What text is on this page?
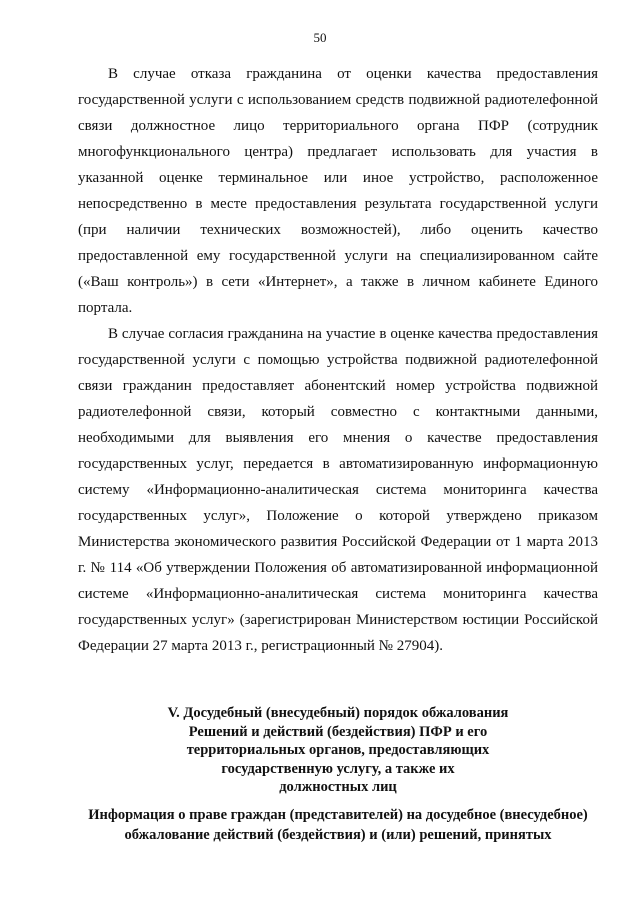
50

В случае отказа гражданина от оценки качества предоставления государственной услуги с использованием средств подвижной радиотелефонной связи должностное лицо территориального органа ПФР (сотрудник многофункционального центра) предлагает использовать для участия в указанной оценке терминальное или иное устройство, расположенное непосредственно в месте предоставления результата государственной услуги (при наличии технических возможностей), либо оценить качество предоставленной ему государственной услуги на специализированном сайте («Ваш контроль») в сети «Интернет», а также в личном кабинете Единого портала.

В случае согласия гражданина на участие в оценке качества предоставления государственной услуги с помощью устройства подвижной радиотелефонной связи гражданин предоставляет абонентский номер устройства подвижной радиотелефонной связи, который совместно с контактными данными, необходимыми для выявления его мнения о качестве предоставления государственных услуг, передается в автоматизированную информационную систему «Информационно-аналитическая система мониторинга качества государственных услуг», Положение о которой утверждено приказом Министерства экономического развития Российской Федерации от 1 марта 2013 г. № 114 «Об утверждении Положения об автоматизированной информационной системе «Информационно-аналитическая система мониторинга качества государственных услуг» (зарегистрирован Министерством юстиции Российской Федерации 27 марта 2013 г., регистрационный № 27904).

V. Досудебный (внесудебный) порядок обжалования
Решений и действий (бездействия) ПФР и его
территориальных органов, предоставляющих
государственную услугу, а также их
должностных лиц
Информация о праве граждан (представителей) на досудебное (внесудебное)
обжалование действий (бездействия) и (или) решений, принятых
